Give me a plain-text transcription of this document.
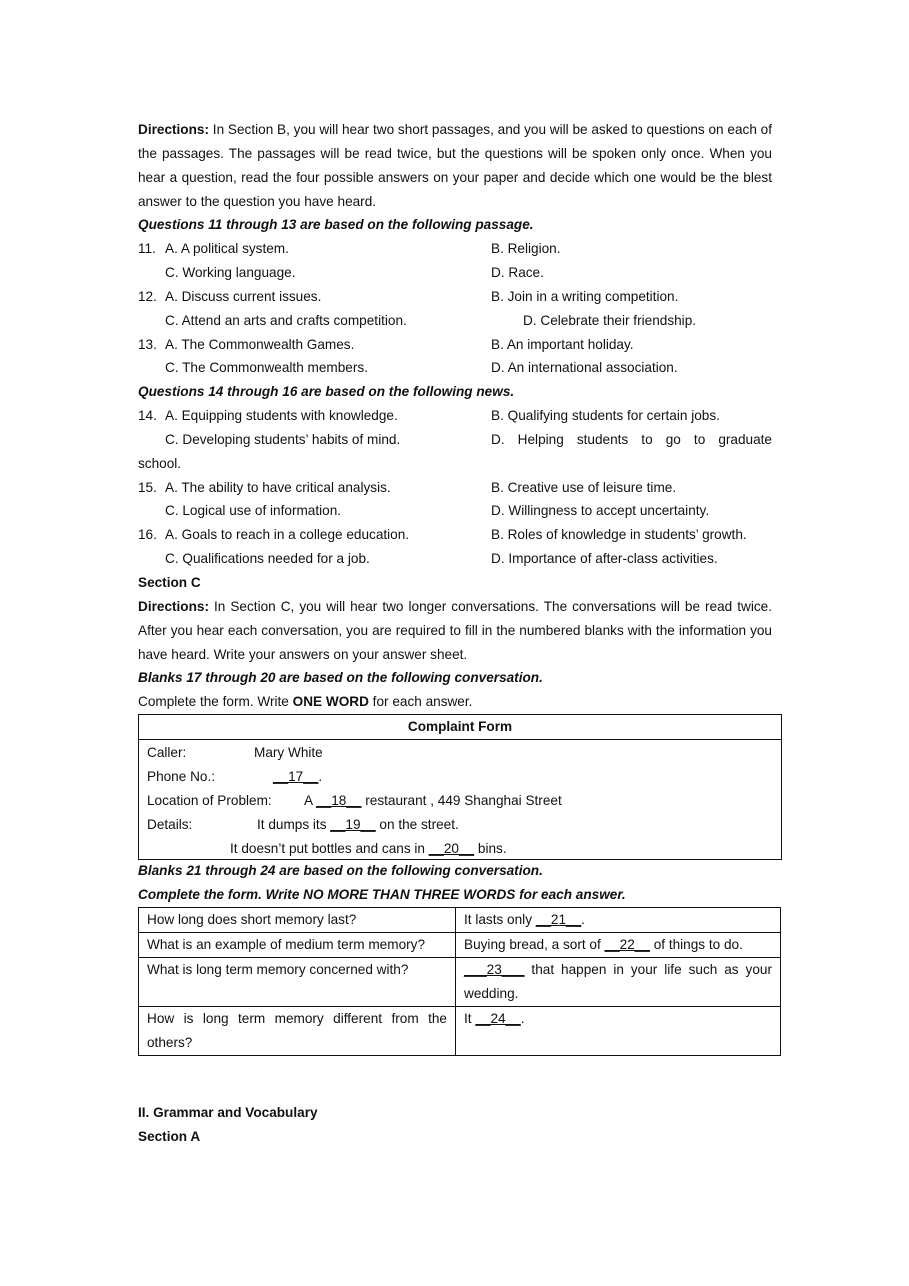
Directions: In Section B, you will hear two short passages, and you will be asked to questions on each of the passages. The passages will be read twice, but the questions will be spoken only once. When you hear a question, read the four possible answers on your paper and decide which one would be the blest answer to the question you have heard.

Questions 11 through 13 are based on the following passage.
11. A. A political system.	B. Religion.
C. Working language.	D. Race.
12. A. Discuss current issues.	B. Join in a writing competition.
C. Attend an arts and crafts competition.	D. Celebrate their friendship.
13. A. The Commonwealth Games.	B. An important holiday.
C. The Commonwealth members.	D. An international association.
Questions 14 through 16 are based on the following news.
14. A. Equipping students with knowledge.	B. Qualifying students for certain jobs.
C. Developing students’ habits of mind.	D. Helping students to go to graduate
school.
15. A. The ability to have critical analysis.	B. Creative use of leisure time.
C. Logical use of information.	D. Willingness to accept uncertainty.
16. A. Goals to reach in a college education.	B. Roles of knowledge in students’ growth.
C. Qualifications needed for a job.	D. Importance of after-class activities.
Section C

Directions: In Section C, you will hear two longer conversations. The conversations will be read twice. After you hear each conversation, you are required to fill in the numbered blanks with the information you have heard. Write your answers on your answer sheet.

Blanks 17 through 20 are based on the following conversation.
Complete the form. Write ONE WORD for each answer.
Complaint Form
Caller:	Mary White
Phone No.:	__17__.
Location of Problem: A __18__ restaurant , 449 Shanghai Street
Details:	It dumps its __19__ on the street.
It doesn’t put bottles and cans in __20__ bins.
Blanks 21 through 24 are based on the following conversation.
Complete the form. Write NO MORE THAN THREE WORDS for each answer.
How long does short memory last?	It lasts only __21__.
What is an example of medium term memory?	Buying bread, a sort of __22__ of things to do.
What is long term memory concerned with?	___23___ that happen in your life such as your wedding.
How is long term memory different from the others?	It __24__.
II. Grammar and Vocabulary
Section A
